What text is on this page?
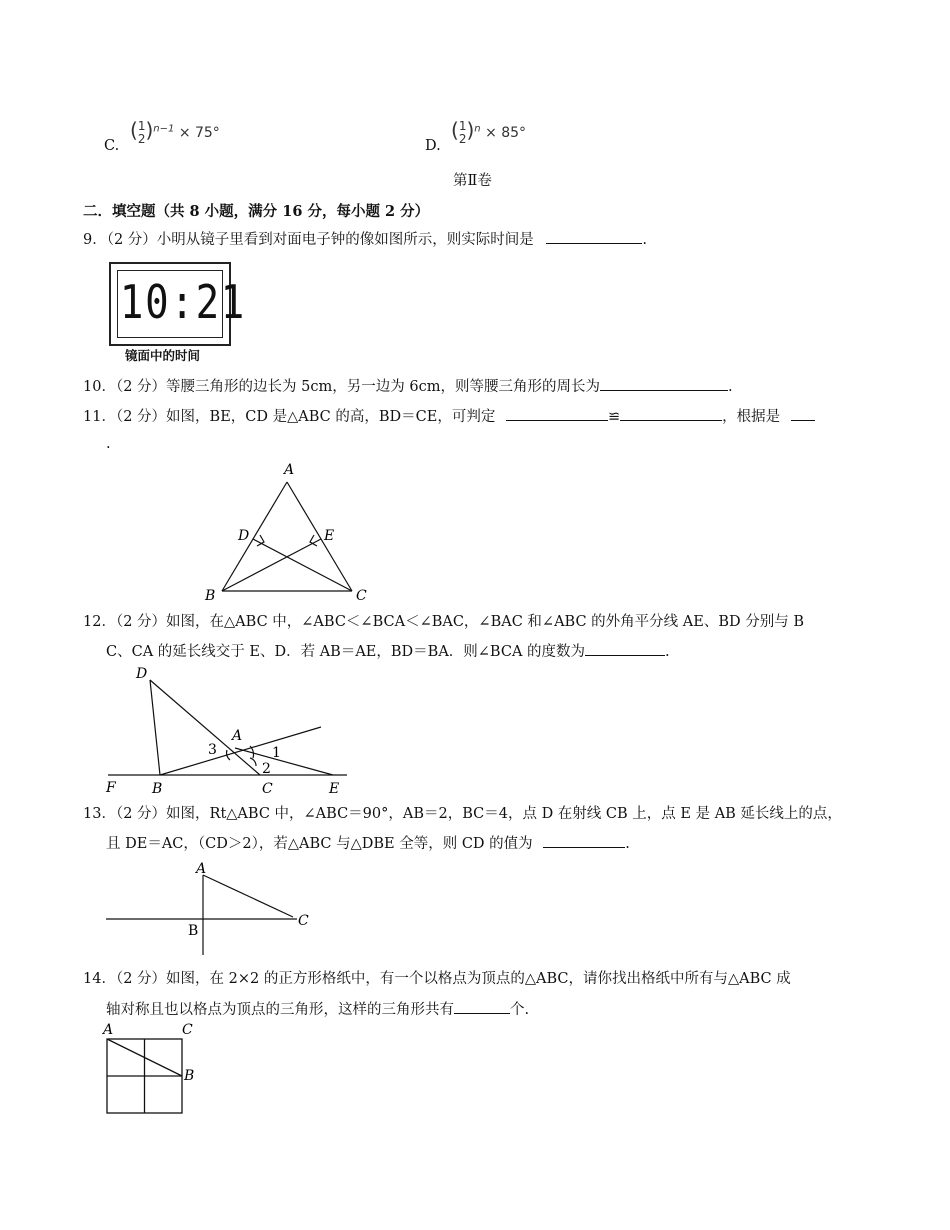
C.
(1
2)$^{n-1}$ × 75°
D.
(1
2)$^n$ × 85°
第Ⅱ卷
二．填空题（共 8 小题，满分 16 分，每小题 2 分）
9．（2 分）小明从镜子里看到对面电子钟的像如图所示，则实际时间是	.
10:21
镜面中的时间
10．（2 分）等腰三角形的边长为 5cm，另一边为 6cm，则等腰三角形的周长为	.
11．（2 分）如图，BE，CD 是△ABC 的高，BD＝CE，可判定	≌	，根据是
.
A
D	E
B	C
12．（2 分）如图，在△ABC 中，∠ABC＜∠BCA＜∠BAC，∠BAC 和∠ABC 的外角平分线 AE、BD 分别与 B
C、CA 的延长线交于 E、D．若 AB＝AE，BD＝BA．则∠BCA 的度数为	.
D
A
3	1
2
F	B	C	E
13．（2 分）如图，Rt△ABC 中，∠ABC＝90°，AB＝2，BC＝4，点 D 在射线 CB 上，点 E 是 AB 延长线上的点，
且 DE＝AC，（CD＞2），若△ABC 与△DBE 全等，则 CD 的值为	.
A
C
B
14．（2 分）如图，在 2×2 的正方形格纸中，有一个以格点为顶点的△ABC，请你找出格纸中所有与△ABC 成
轴对称且也以格点为顶点的三角形，这样的三角形共有	个.
A	C
B
